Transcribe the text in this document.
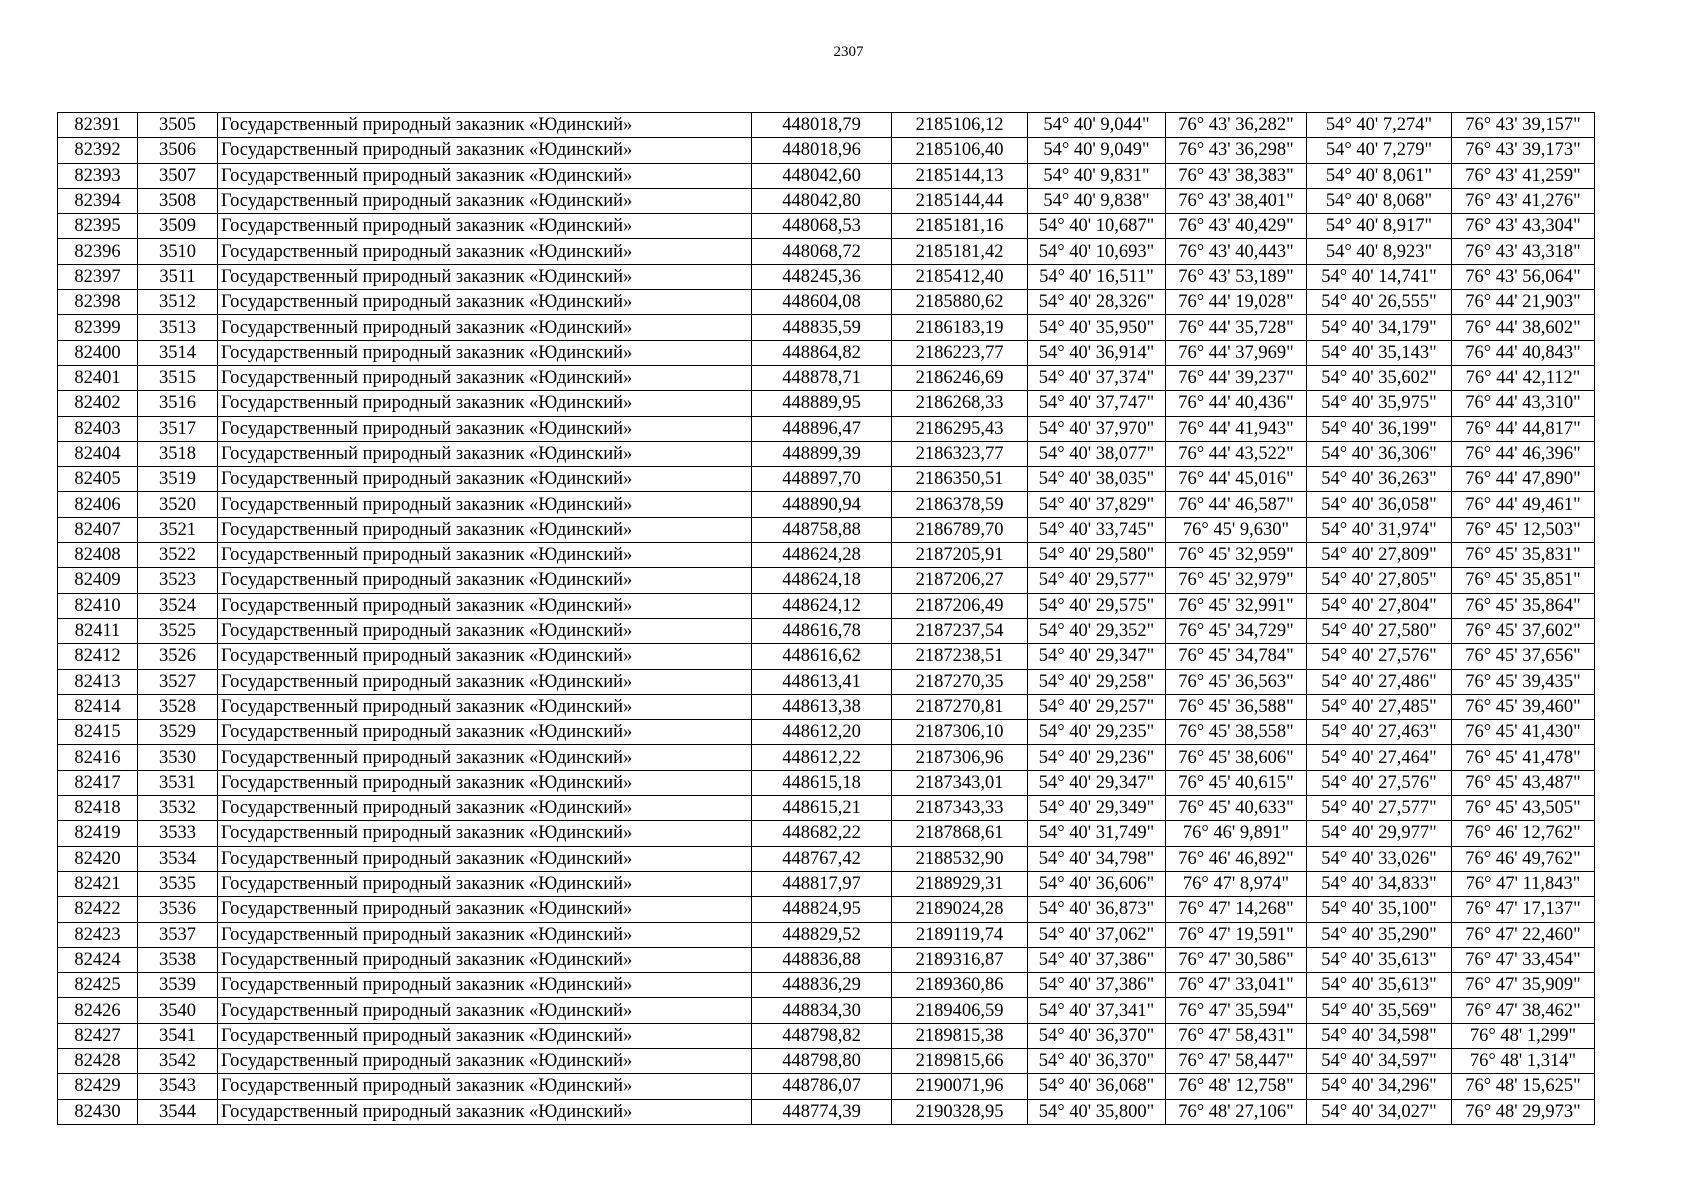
2307
82391	3505	Государственный природный заказник «Юдинский»	448018,79	2185106,12	54° 40' 9,044"	76° 43' 36,282"	54° 40' 7,274"	76° 43' 39,157"
82392	3506	Государственный природный заказник «Юдинский»	448018,96	2185106,40	54° 40' 9,049"	76° 43' 36,298"	54° 40' 7,279"	76° 43' 39,173"
82393	3507	Государственный природный заказник «Юдинский»	448042,60	2185144,13	54° 40' 9,831"	76° 43' 38,383"	54° 40' 8,061"	76° 43' 41,259"
82394	3508	Государственный природный заказник «Юдинский»	448042,80	2185144,44	54° 40' 9,838"	76° 43' 38,401"	54° 40' 8,068"	76° 43' 41,276"
82395	3509	Государственный природный заказник «Юдинский»	448068,53	2185181,16	54° 40' 10,687"	76° 43' 40,429"	54° 40' 8,917"	76° 43' 43,304"
82396	3510	Государственный природный заказник «Юдинский»	448068,72	2185181,42	54° 40' 10,693"	76° 43' 40,443"	54° 40' 8,923"	76° 43' 43,318"
82397	3511	Государственный природный заказник «Юдинский»	448245,36	2185412,40	54° 40' 16,511"	76° 43' 53,189"	54° 40' 14,741"	76° 43' 56,064"
82398	3512	Государственный природный заказник «Юдинский»	448604,08	2185880,62	54° 40' 28,326"	76° 44' 19,028"	54° 40' 26,555"	76° 44' 21,903"
82399	3513	Государственный природный заказник «Юдинский»	448835,59	2186183,19	54° 40' 35,950"	76° 44' 35,728"	54° 40' 34,179"	76° 44' 38,602"
82400	3514	Государственный природный заказник «Юдинский»	448864,82	2186223,77	54° 40' 36,914"	76° 44' 37,969"	54° 40' 35,143"	76° 44' 40,843"
82401	3515	Государственный природный заказник «Юдинский»	448878,71	2186246,69	54° 40' 37,374"	76° 44' 39,237"	54° 40' 35,602"	76° 44' 42,112"
82402	3516	Государственный природный заказник «Юдинский»	448889,95	2186268,33	54° 40' 37,747"	76° 44' 40,436"	54° 40' 35,975"	76° 44' 43,310"
82403	3517	Государственный природный заказник «Юдинский»	448896,47	2186295,43	54° 40' 37,970"	76° 44' 41,943"	54° 40' 36,199"	76° 44' 44,817"
82404	3518	Государственный природный заказник «Юдинский»	448899,39	2186323,77	54° 40' 38,077"	76° 44' 43,522"	54° 40' 36,306"	76° 44' 46,396"
82405	3519	Государственный природный заказник «Юдинский»	448897,70	2186350,51	54° 40' 38,035"	76° 44' 45,016"	54° 40' 36,263"	76° 44' 47,890"
82406	3520	Государственный природный заказник «Юдинский»	448890,94	2186378,59	54° 40' 37,829"	76° 44' 46,587"	54° 40' 36,058"	76° 44' 49,461"
82407	3521	Государственный природный заказник «Юдинский»	448758,88	2186789,70	54° 40' 33,745"	76° 45' 9,630"	54° 40' 31,974"	76° 45' 12,503"
82408	3522	Государственный природный заказник «Юдинский»	448624,28	2187205,91	54° 40' 29,580"	76° 45' 32,959"	54° 40' 27,809"	76° 45' 35,831"
82409	3523	Государственный природный заказник «Юдинский»	448624,18	2187206,27	54° 40' 29,577"	76° 45' 32,979"	54° 40' 27,805"	76° 45' 35,851"
82410	3524	Государственный природный заказник «Юдинский»	448624,12	2187206,49	54° 40' 29,575"	76° 45' 32,991"	54° 40' 27,804"	76° 45' 35,864"
82411	3525	Государственный природный заказник «Юдинский»	448616,78	2187237,54	54° 40' 29,352"	76° 45' 34,729"	54° 40' 27,580"	76° 45' 37,602"
82412	3526	Государственный природный заказник «Юдинский»	448616,62	2187238,51	54° 40' 29,347"	76° 45' 34,784"	54° 40' 27,576"	76° 45' 37,656"
82413	3527	Государственный природный заказник «Юдинский»	448613,41	2187270,35	54° 40' 29,258"	76° 45' 36,563"	54° 40' 27,486"	76° 45' 39,435"
82414	3528	Государственный природный заказник «Юдинский»	448613,38	2187270,81	54° 40' 29,257"	76° 45' 36,588"	54° 40' 27,485"	76° 45' 39,460"
82415	3529	Государственный природный заказник «Юдинский»	448612,20	2187306,10	54° 40' 29,235"	76° 45' 38,558"	54° 40' 27,463"	76° 45' 41,430"
82416	3530	Государственный природный заказник «Юдинский»	448612,22	2187306,96	54° 40' 29,236"	76° 45' 38,606"	54° 40' 27,464"	76° 45' 41,478"
82417	3531	Государственный природный заказник «Юдинский»	448615,18	2187343,01	54° 40' 29,347"	76° 45' 40,615"	54° 40' 27,576"	76° 45' 43,487"
82418	3532	Государственный природный заказник «Юдинский»	448615,21	2187343,33	54° 40' 29,349"	76° 45' 40,633"	54° 40' 27,577"	76° 45' 43,505"
82419	3533	Государственный природный заказник «Юдинский»	448682,22	2187868,61	54° 40' 31,749"	76° 46' 9,891"	54° 40' 29,977"	76° 46' 12,762"
82420	3534	Государственный природный заказник «Юдинский»	448767,42	2188532,90	54° 40' 34,798"	76° 46' 46,892"	54° 40' 33,026"	76° 46' 49,762"
82421	3535	Государственный природный заказник «Юдинский»	448817,97	2188929,31	54° 40' 36,606"	76° 47' 8,974"	54° 40' 34,833"	76° 47' 11,843"
82422	3536	Государственный природный заказник «Юдинский»	448824,95	2189024,28	54° 40' 36,873"	76° 47' 14,268"	54° 40' 35,100"	76° 47' 17,137"
82423	3537	Государственный природный заказник «Юдинский»	448829,52	2189119,74	54° 40' 37,062"	76° 47' 19,591"	54° 40' 35,290"	76° 47' 22,460"
82424	3538	Государственный природный заказник «Юдинский»	448836,88	2189316,87	54° 40' 37,386"	76° 47' 30,586"	54° 40' 35,613"	76° 47' 33,454"
82425	3539	Государственный природный заказник «Юдинский»	448836,29	2189360,86	54° 40' 37,386"	76° 47' 33,041"	54° 40' 35,613"	76° 47' 35,909"
82426	3540	Государственный природный заказник «Юдинский»	448834,30	2189406,59	54° 40' 37,341"	76° 47' 35,594"	54° 40' 35,569"	76° 47' 38,462"
82427	3541	Государственный природный заказник «Юдинский»	448798,82	2189815,38	54° 40' 36,370"	76° 47' 58,431"	54° 40' 34,598"	76° 48' 1,299"
82428	3542	Государственный природный заказник «Юдинский»	448798,80	2189815,66	54° 40' 36,370"	76° 47' 58,447"	54° 40' 34,597"	76° 48' 1,314"
82429	3543	Государственный природный заказник «Юдинский»	448786,07	2190071,96	54° 40' 36,068"	76° 48' 12,758"	54° 40' 34,296"	76° 48' 15,625"
82430	3544	Государственный природный заказник «Юдинский»	448774,39	2190328,95	54° 40' 35,800"	76° 48' 27,106"	54° 40' 34,027"	76° 48' 29,973"
